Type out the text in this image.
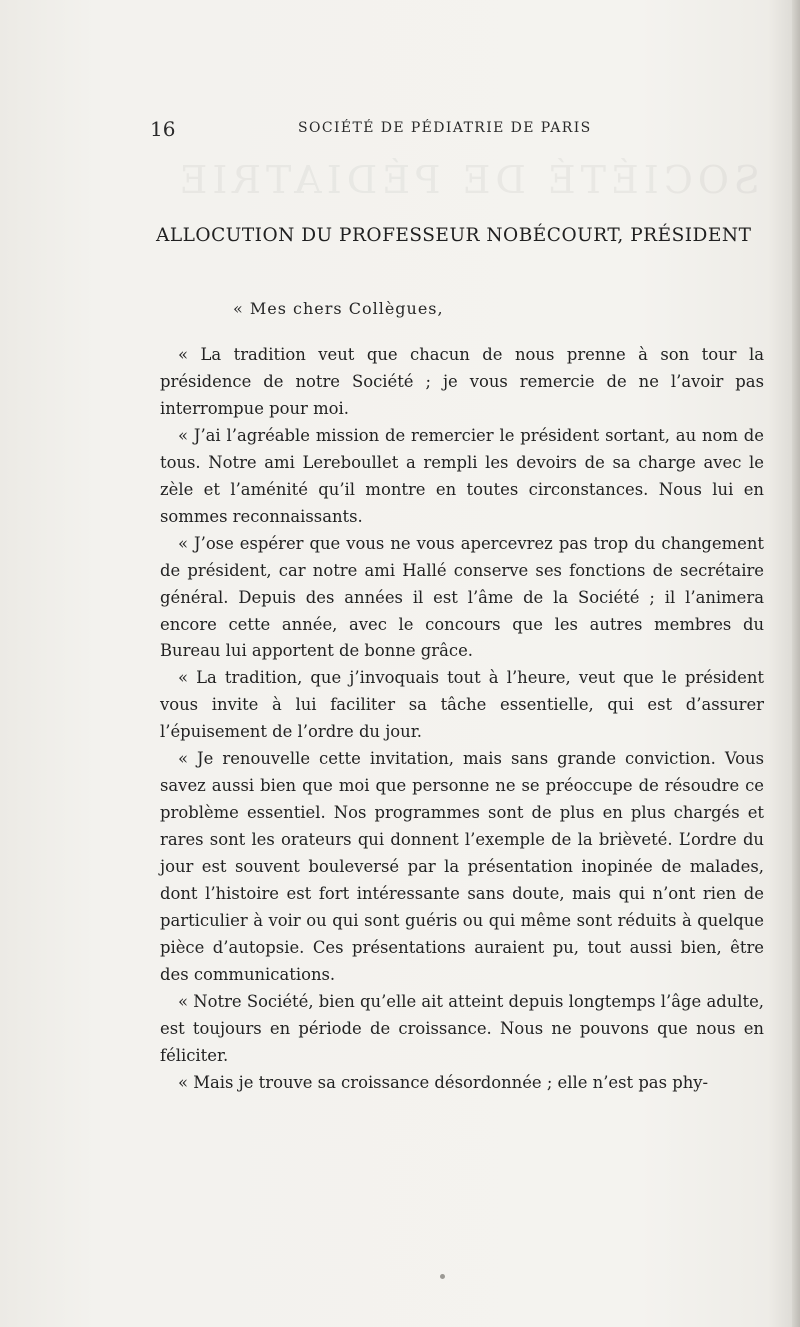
SOCIÉTÉ DE PÉDIATRIE
16	SOCIÉTÉ DE PÉDIATRIE DE PARIS
ALLOCUTION DU PROFESSEUR NOBÉCOURT, PRÉSIDENT
« Mes chers Collègues,

« La tradition veut que chacun de nous prenne à son tour la présidence de notre Société ; je vous remercie de ne l’avoir pas interrompue pour moi.

« J’ai l’agréable mission de remercier le président sortant, au nom de tous. Notre ami Lereboullet a rempli les devoirs de sa charge avec le zèle et l’aménité qu’il montre en toutes circonstances. Nous lui en sommes reconnaissants.

« J’ose espérer que vous ne vous apercevrez pas trop du changement de président, car notre ami Hallé conserve ses fonctions de secrétaire général. Depuis des années il est l’âme de la Société ; il l’animera encore cette année, avec le concours que les autres membres du Bureau lui apportent de bonne grâce.

« La tradition, que j’invoquais tout à l’heure, veut que le président vous invite à lui faciliter sa tâche essentielle, qui est d’assurer l’épuisement de l’ordre du jour.

« Je renouvelle cette invitation, mais sans grande conviction. Vous savez aussi bien que moi que personne ne se préoccupe de résoudre ce problème essentiel. Nos programmes sont de plus en plus chargés et rares sont les orateurs qui donnent l’exemple de la brièveté. L’ordre du jour est souvent bouleversé par la présentation inopinée de malades, dont l’histoire est fort intéressante sans doute, mais qui n’ont rien de particulier à voir ou qui sont guéris ou qui même sont réduits à quelque pièce d’autopsie. Ces présentations auraient pu, tout aussi bien, être des communications.

« Notre Société, bien qu’elle ait atteint depuis longtemps l’âge adulte, est toujours en période de croissance. Nous ne pouvons que nous en féliciter.

« Mais je trouve sa croissance désordonnée ; elle n’est pas phy-
